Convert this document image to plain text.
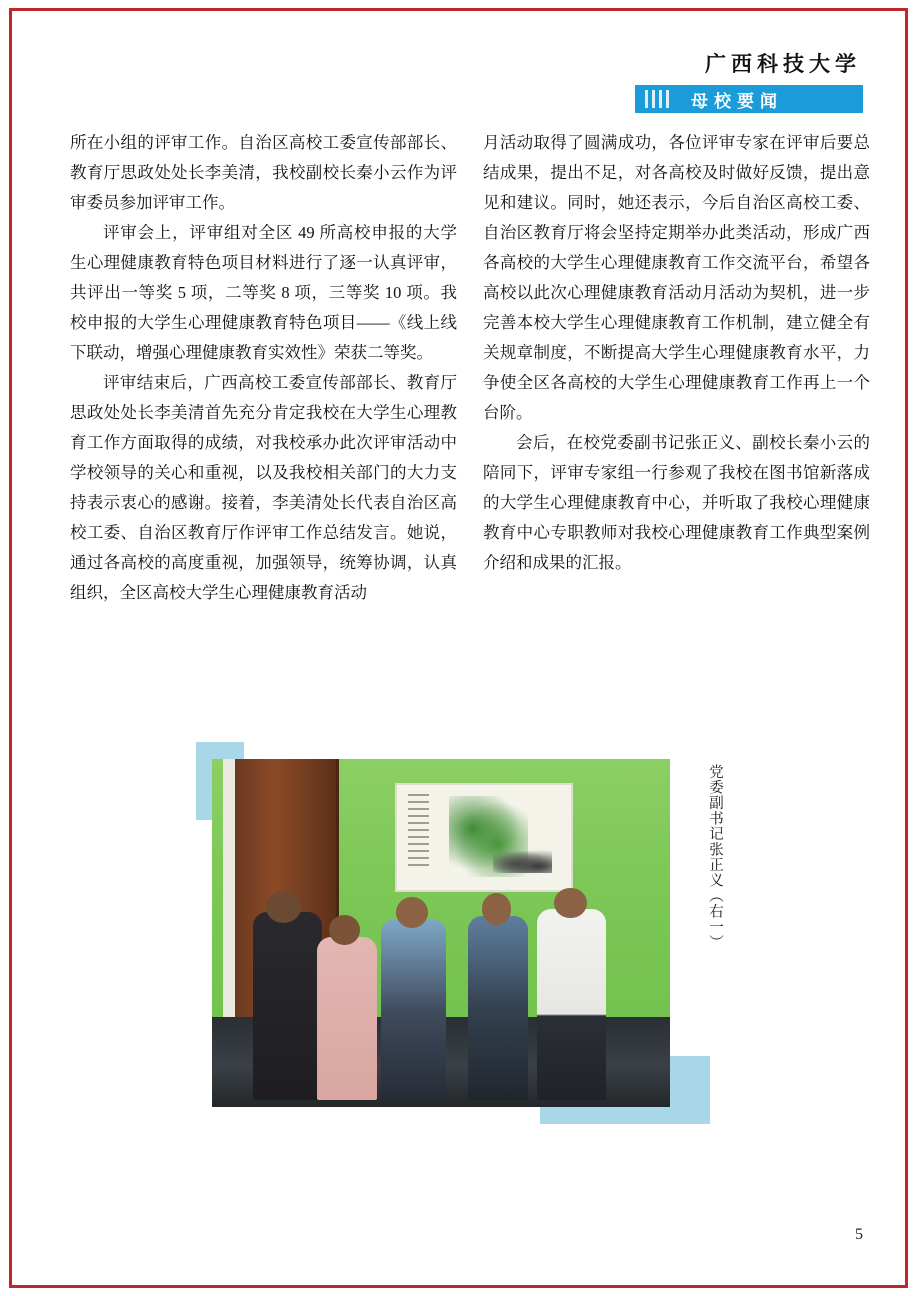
广西科技大学
母校要闻

所在小组的评审工作。自治区高校工委宣传部部长、教育厅思政处处长李美清，我校副校长秦小云作为评审委员参加评审工作。

评审会上，评审组对全区 49 所高校申报的大学生心理健康教育特色项目材料进行了逐一认真评审，共评出一等奖 5 项，二等奖 8 项，三等奖 10 项。我校申报的大学生心理健康教育特色项目——《线上线下联动，增强心理健康教育实效性》荣获二等奖。

评审结束后，广西高校工委宣传部部长、教育厅思政处处长李美清首先充分肯定我校在大学生心理教育工作方面取得的成绩，对我校承办此次评审活动中学校领导的关心和重视，以及我校相关部门的大力支持表示衷心的感谢。接着，李美清处长代表自治区高校工委、自治区教育厅作评审工作总结发言。她说，通过各高校的高度重视，加强领导，统筹协调，认真组织，全区高校大学生心理健康教育活动

月活动取得了圆满成功，各位评审专家在评审后要总结成果，提出不足，对各高校及时做好反馈，提出意见和建议。同时，她还表示，今后自治区高校工委、自治区教育厅将会坚持定期举办此类活动，形成广西各高校的大学生心理健康教育工作交流平台，希望各高校以此次心理健康教育活动月活动为契机，进一步完善本校大学生心理健康教育工作机制，建立健全有关规章制度，不断提高大学生心理健康教育水平，力争使全区各高校的大学生心理健康教育工作再上一个台阶。

会后，在校党委副书记张正义、副校长秦小云的陪同下，评审专家组一行参观了我校在图书馆新落成的大学生心理健康教育中心，并听取了我校心理健康教育中心专职教师对我校心理健康教育工作典型案例介绍和成果的汇报。

党委副书记张正义（右一）
5
